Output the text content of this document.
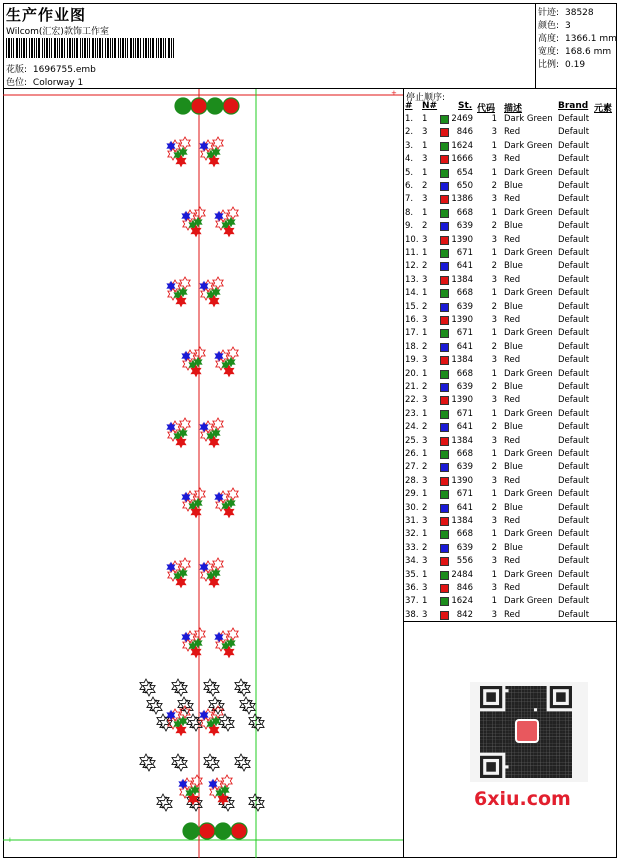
生产作业图
Wilcom(汇宏)款饰工作室
花版: 1696755.emb
色位: Colorway 1
针迹: 38528
颜色: 3
高度: 1366.1 mm
宽度: 168.6 mm
比例: 0.19
+
+
停止顺序:
# N# St. 代码 描述	Brand 元素
1. 1	2469	1 Dark Green Default
2. 3	846	3 Red	Default
3. 1	1624	1 Dark Green Default
4. 3	1666	3 Red	Default
5. 1	654	1 Dark Green Default
6. 2	650	2 Blue	Default
7. 3	1386	3 Red	Default
8. 1	668	1 Dark Green Default
9. 2	639	2 Blue	Default
10. 3	1390	3 Red	Default
11. 1	671	1 Dark Green Default
12. 2	641	2 Blue	Default
13. 3	1384	3 Red	Default
14. 1	668	1 Dark Green Default
15. 2	639	2 Blue	Default
16. 3	1390	3 Red	Default
17. 1	671	1 Dark Green Default
18. 2	641	2 Blue	Default
19. 3	1384	3 Red	Default
20. 1	668	1 Dark Green Default
21. 2	639	2 Blue	Default
22. 3	1390	3 Red	Default
23. 1	671	1 Dark Green Default
24. 2	641	2 Blue	Default
25. 3	1384	3 Red	Default
26. 1	668	1 Dark Green Default
27. 2	639	2 Blue	Default
28. 3	1390	3 Red	Default
29. 1	671	1 Dark Green Default
30. 2	641	2 Blue	Default
31. 3	1384	3 Red	Default
32. 1	668	1 Dark Green Default
33. 2	639	2 Blue	Default
34. 3	556	3 Red	Default
35. 1	2484	1 Dark Green Default
36. 3	846	3 Red	Default
37. 1	1624	1 Dark Green Default
38. 3	842	3 Red	Default
6xiu.com
